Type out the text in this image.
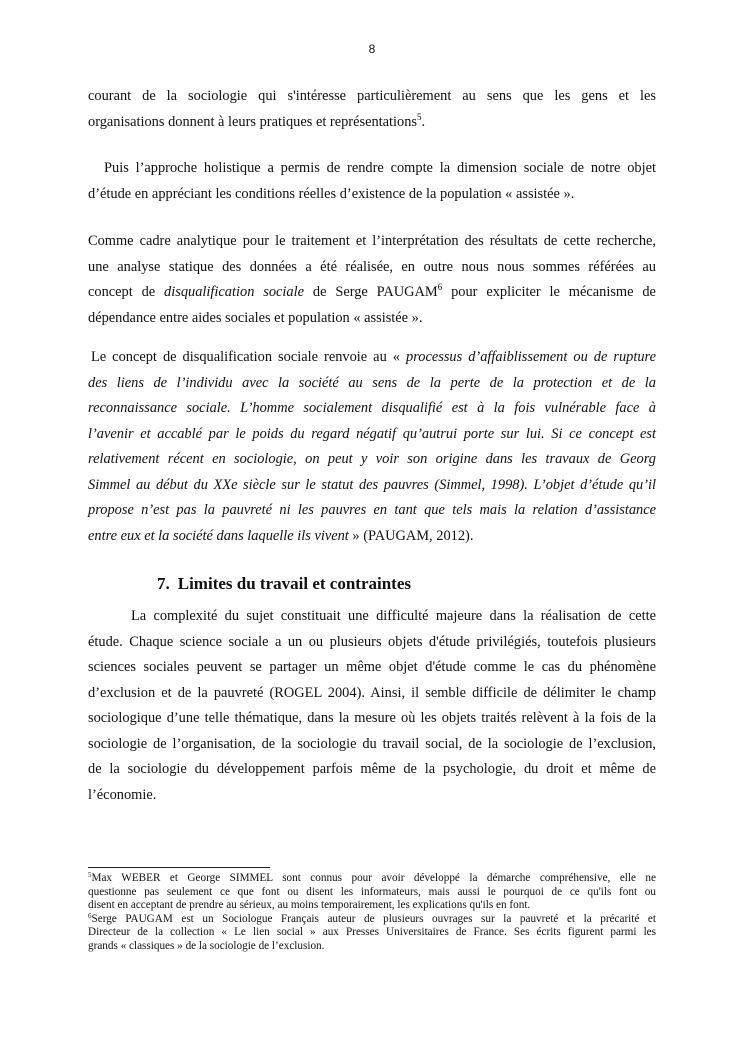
8
courant de la sociologie qui s'intéresse particulièrement au sens que les gens et les
organisations donnent à leurs pratiques et représentations$^5$.
Puis l’approche holistique a permis de rendre compte la dimension sociale de notre objet
d’étude en appréciant les conditions réelles d’existence de la population « assistée ».
Comme cadre analytique pour le traitement et l’interprétation des résultats de cette recherche,
une analyse statique des données a été réalisée, en outre nous nous sommes référées au
concept de disqualification sociale de Serge PAUGAM$^6$ pour expliciter le mécanisme de
dépendance entre aides sociales et population « assistée ».
Le concept de disqualification sociale renvoie au « processus d’affaiblissement ou de rupture
des liens de l’individu avec la société au sens de la perte de la protection et de la
reconnaissance sociale. L’homme socialement disqualifié est à la fois vulnérable face à
l’avenir et accablé par le poids du regard négatif qu’autrui porte sur lui. Si ce concept est
relativement récent en sociologie, on peut y voir son origine dans les travaux de Georg
Simmel au début du XXe siècle sur le statut des pauvres (Simmel, 1998). L’objet d’étude qu’il
propose n’est pas la pauvreté ni les pauvres en tant que tels mais la relation d’assistance
entre eux et la société dans laquelle ils vivent » (PAUGAM, 2012).
7. Limites du travail et contraintes
La complexité du sujet constituait une difficulté majeure dans la réalisation de cette
étude. Chaque science sociale a un ou plusieurs objets d'étude privilégiés, toutefois plusieurs
sciences sociales peuvent se partager un même objet d'étude comme le cas du phénomène
d’exclusion et de la pauvreté (ROGEL 2004). Ainsi, il semble difficile de délimiter le champ
sociologique d’une telle thématique, dans la mesure où les objets traités relèvent à la fois de la
sociologie de l’organisation, de la sociologie du travail social, de la sociologie de l’exclusion,
de la sociologie du développement parfois même de la psychologie, du droit et même de
l’économie.
$^5$Max WEBER et George SIMMEL sont connus pour avoir développé la démarche compréhensive, elle ne
questionne pas seulement ce que font ou disent les informateurs, mais aussi le pourquoi de ce qu'ils font ou
disent en acceptant de prendre au sérieux, au moins temporairement, les explications qu'ils en font.
$^6$Serge PAUGAM est un Sociologue Français auteur de plusieurs ouvrages sur la pauvreté et la précarité et
Directeur de la collection « Le lien social » aux Presses Universitaires de France. Ses écrits figurent parmi les
grands « classiques » de la sociologie de l’exclusion.
